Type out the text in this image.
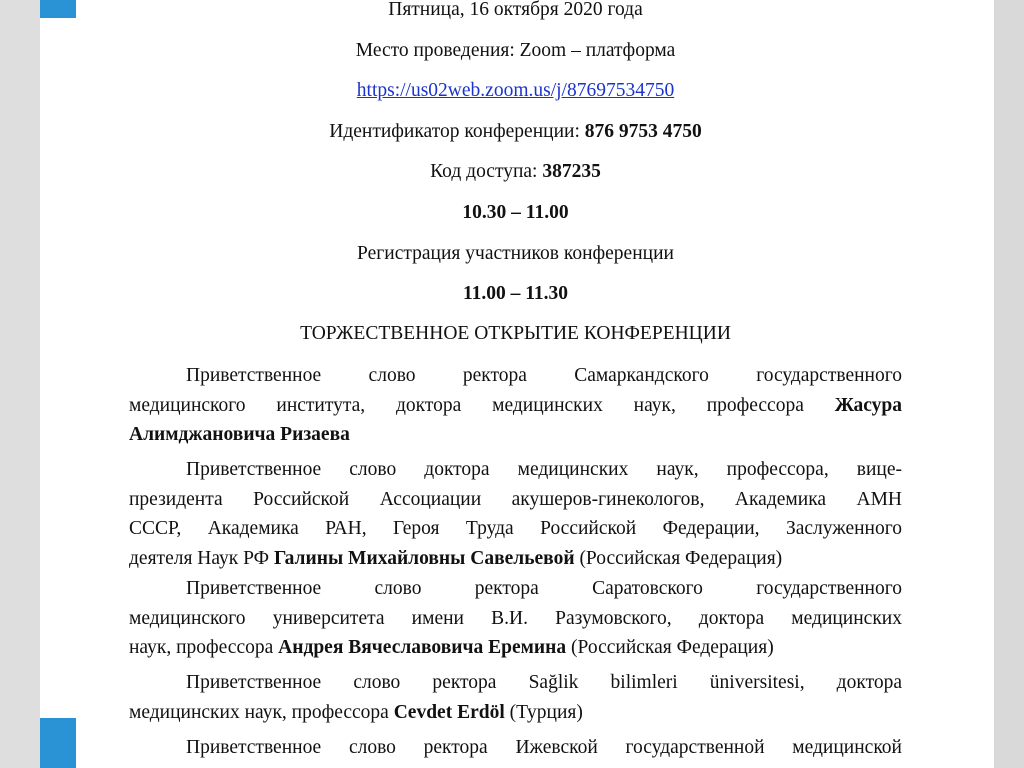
Пятница, 16 октября 2020 года
Место проведения: Zoom – платформа
https://us02web.zoom.us/j/87697534750
Идентификатор конференции: 876 9753 4750
Код доступа: 387235
10.30 – 11.00
Регистрация участников конференции
11.00 – 11.30
ТОРЖЕСТВЕННОЕ ОТКРЫТИЕ КОНФЕРЕНЦИИ
Приветственное слово ректора Самаркандского государственного
медицинского института, доктора медицинских наук, профессора Жасура
Алимджановича Ризаева
Приветственное слово доктора медицинских наук, профессора, вице-
президента Российской Ассоциации акушеров-гинекологов, Академика АМН
СССР, Академика РАН, Героя Труда Российской Федерации, Заслуженного
деятеля Наук РФ Галины Михайловны Савельевой (Российская Федерация)
Приветственное слово ректора Саратовского государственного
медицинского университета имени В.И. Разумовского, доктора медицинских
наук, профессора Андрея Вячеславовича Еремина (Российская Федерация)
Приветственное слово ректора Sağlik bilimleri üniversitesi, доктора
медицинских наук, профессора Cevdet Erdöl (Турция)
Приветственное слово ректора Ижевской государственной медицинской
